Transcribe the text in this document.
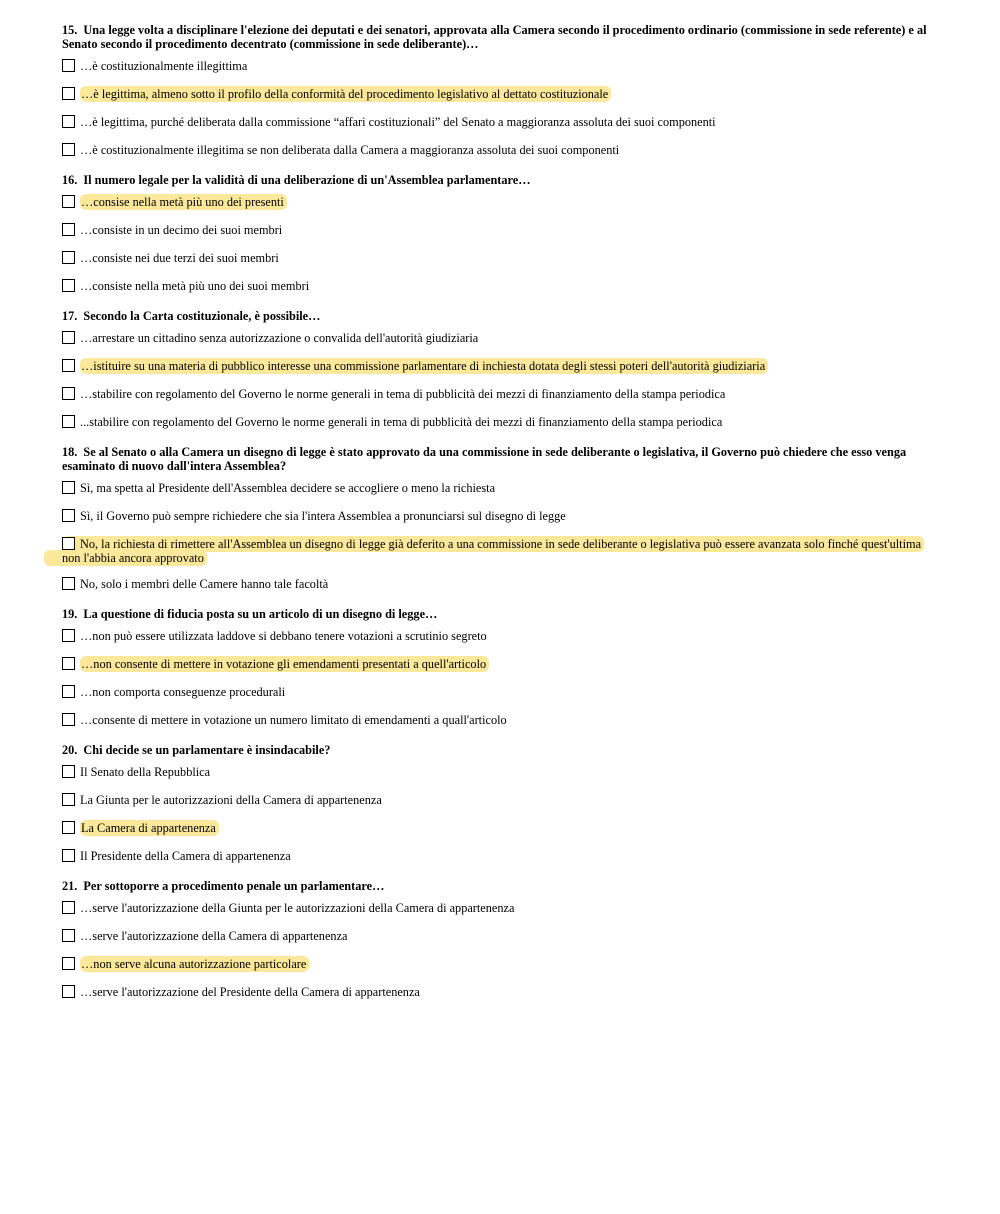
15. Una legge volta a disciplinare l'elezione dei deputati e dei senatori, approvata alla Camera secondo il procedimento ordinario (commissione in sede referente) e al Senato secondo il procedimento decentrato (commissione in sede deliberante)…
…è costituzionalmente illegittima
…è legittima, almeno sotto il profilo della conformità del procedimento legislativo al dettato costituzionale
…è legittima, purché deliberata dalla commissione “affari costituzionali” del Senato a maggioranza assoluta dei suoi componenti
…è costituzionalmente illegitima se non deliberata dalla Camera a maggioranza assoluta dei suoi componenti
16. Il numero legale per la validità di una deliberazione di un'Assemblea parlamentare…
…consise nella metà più uno dei presenti
…consiste in un decimo dei suoi membri
…consiste nei due terzi dei suoi membri
…consiste nella metà più uno dei suoi membri
17. Secondo la Carta costituzionale, è possibile…
…arrestare un cittadino senza autorizzazione o convalida dell'autorità giudiziaria
…istituire su una materia di pubblico interesse una commissione parlamentare di inchiesta dotata degli stessi poteri dell'autorità giudiziaria
…stabilire con regolamento del Governo le norme generali in tema di pubblicità dei mezzi di finanziamento della stampa periodica
...stabilire con regolamento del Governo le norme generali in tema di pubblicità dei mezzi di finanziamento della stampa periodica
18. Se al Senato o alla Camera un disegno di legge è stato approvato da una commissione in sede deliberante o legislativa, il Governo può chiedere che esso venga esaminato di nuovo dall'intera Assemblea?
Sì, ma spetta al Presidente dell'Assemblea decidere se accogliere o meno la richiesta
Sì, il Governo può sempre richiedere che sia l'intera Assemblea a pronunciarsi sul disegno di legge
No, la richiesta di rimettere all'Assemblea un disegno di legge già deferito a una commissione in sede deliberante o legislativa può essere avanzata solo finché quest'ultima non l'abbia ancora approvato
No, solo i membri delle Camere hanno tale facoltà
19. La questione di fiducia posta su un articolo di un disegno di legge…
…non può essere utilizzata laddove si debbano tenere votazioni a scrutinio segreto
…non consente di mettere in votazione gli emendamenti presentati a quell'articolo
…non comporta conseguenze procedurali
…consente di mettere in votazione un numero limitato di emendamenti a quall'articolo
20. Chi decide se un parlamentare è insindacabile?
Il Senato della Repubblica
La Giunta per le autorizzazioni della Camera di appartenenza
La Camera di appartenenza
Il Presidente della Camera di appartenenza
21. Per sottoporre a procedimento penale un parlamentare…
…serve l'autorizzazione della Giunta per le autorizzazioni della Camera di appartenenza
…serve l'autorizzazione della Camera di appartenenza
…non serve alcuna autorizzazione particolare
…serve l'autorizzazione del Presidente della Camera di appartenenza
